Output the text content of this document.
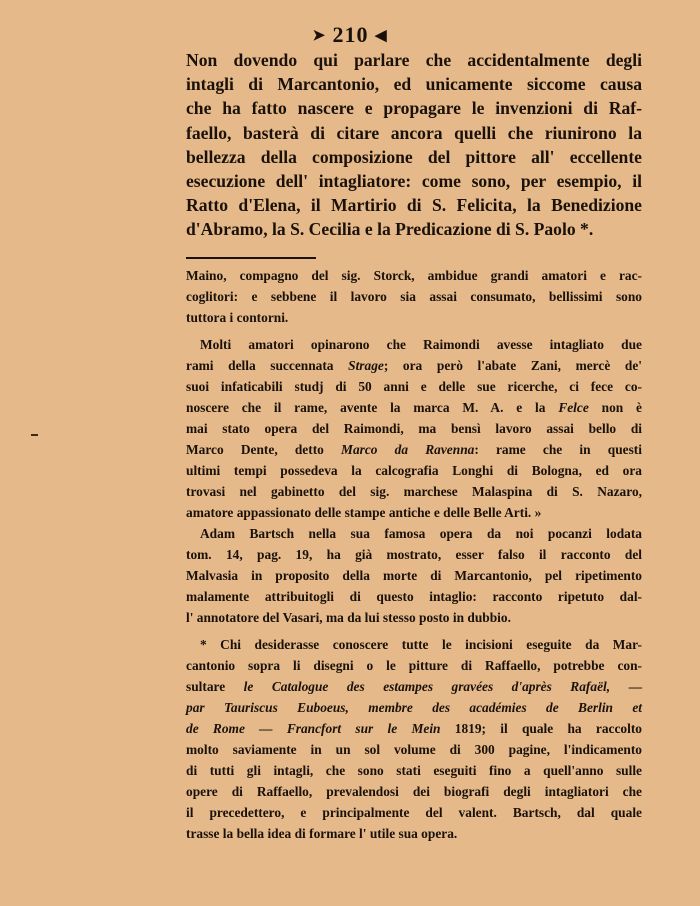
➤ 210 ◀
Non dovendo qui parlare che accidentalmente degli
intagli di Marcantonio, ed unicamente siccome causa
che ha fatto nascere e propagare le invenzioni di Raf-
faello, basterà di citare ancora quelli che riunirono la
bellezza della composizione del pittore all' eccellente
esecuzione dell' intagliatore: come sono, per esempio, il
Ratto d'Elena, il Martirio di S. Felicita, la Benedizione
d'Abramo, la S. Cecilia e la Predicazione di S. Paolo *.
Maino, compagno del sig. Storck, ambidue grandi amatori e rac-
coglitori: e sebbene il lavoro sia assai consumato, bellissimi sono
tuttora i contorni.
Molti amatori opinarono che Raimondi avesse intagliato due
rami della succennata Strage; ora però l'abate Zani, mercè de'
suoi infaticabili studj di 50 anni e delle sue ricerche, ci fece co-
noscere che il rame, avente la marca M. A. e la Felce non è
mai stato opera del Raimondi, ma bensì lavoro assai bello di
Marco Dente, detto Marco da Ravenna: rame che in questi
ultimi tempi possedeva la calcografia Longhi di Bologna, ed ora
trovasi nel gabinetto del sig. marchese Malaspina di S. Nazaro,
amatore appassionato delle stampe antiche e delle Belle Arti. »
Adam Bartsch nella sua famosa opera da noi pocanzi lodata
tom. 14, pag. 19, ha già mostrato, esser falso il racconto del
Malvasia in proposito della morte di Marcantonio, pel ripetimento
malamente attribuitogli di questo intaglio: racconto ripetuto dal-
l' annotatore del Vasari, ma da lui stesso posto in dubbio.
* Chi desiderasse conoscere tutte le incisioni eseguite da Mar-
cantonio sopra li disegni o le pitture di Raffaello, potrebbe con-
sultare le Catalogue des estampes gravées d'après Rafaël, —
par Tauriscus Euboeus, membre des académies de Berlin et
de Rome — Francfort sur le Mein 1819; il quale ha raccolto
molto saviamente in un sol volume di 300 pagine, l'indicamento
di tutti gli intagli, che sono stati eseguiti fino a quell'anno sulle
opere di Raffaello, prevalendosi dei biografi degli intagliatori che
il precedettero, e principalmente del valent. Bartsch, dal quale
trasse la bella idea di formare l' utile sua opera.
